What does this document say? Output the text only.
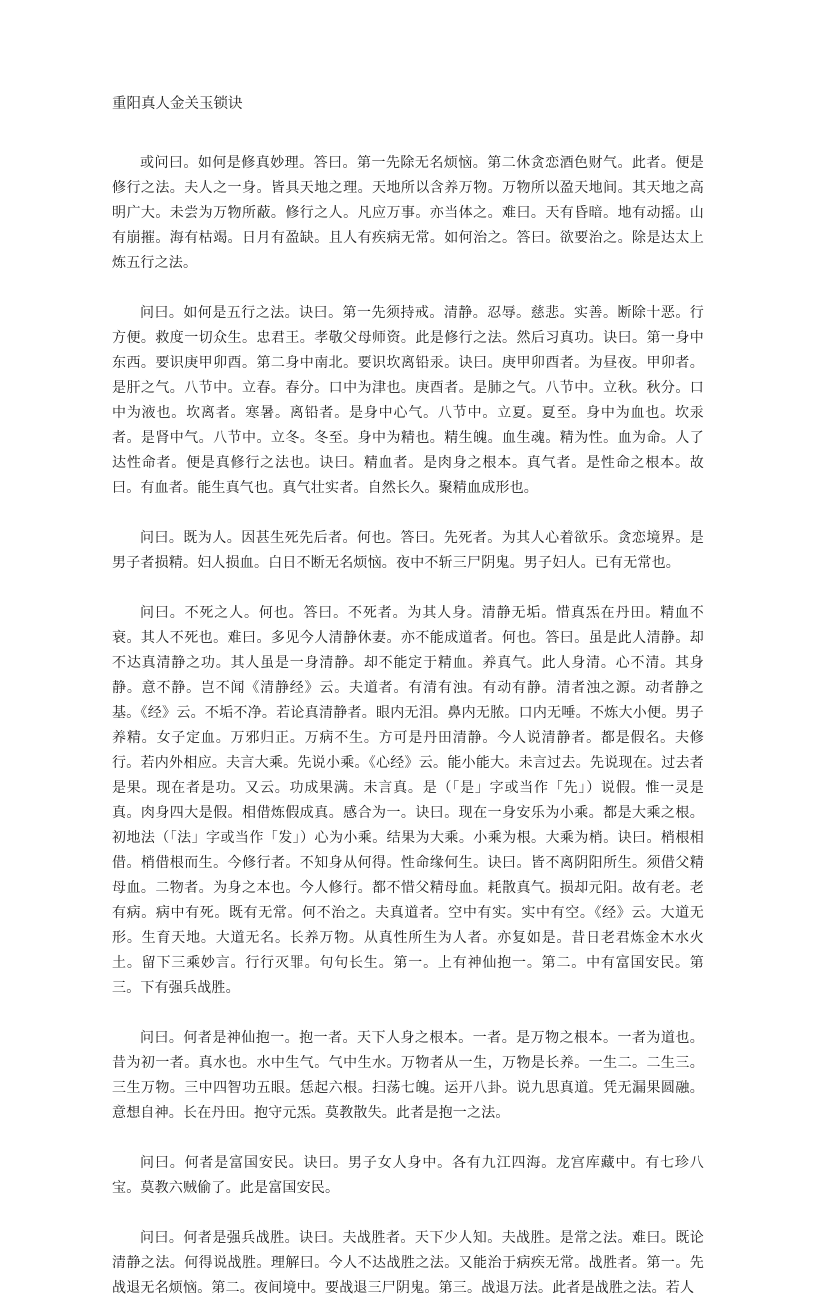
重阳真人金关玉锁诀

或问曰。如何是修真妙理。答曰。第一先除无名烦恼。第二休贪恋酒色财气。此者。便是修行之法。夫人之一身。皆具天地之理。天地所以含养万物。万物所以盈天地间。其天地之高明广大。未尝为万物所蔽。修行之人。凡应万事。亦当体之。难曰。天有昏暗。地有动摇。山有崩摧。海有枯竭。日月有盈缺。且人有疾病无常。如何治之。答曰。欲要治之。除是达太上炼五行之法。

问曰。如何是五行之法。诀曰。第一先须持戒。清静。忍辱。慈悲。实善。断除十恶。行方便。救度一切众生。忠君王。孝敬父母师资。此是修行之法。然后习真功。诀曰。第一身中东西。要识庚甲卯酉。第二身中南北。要识坎离铅汞。诀曰。庚甲卯酉者。为昼夜。甲卯者。是肝之气。八节中。立春。春分。口中为津也。庚酉者。是肺之气。八节中。立秋。秋分。口中为液也。坎离者。寒暑。离铅者。是身中心气。八节中。立夏。夏至。身中为血也。坎汞者。是肾中气。八节中。立冬。冬至。身中为精也。精生魄。血生魂。精为性。血为命。人了达性命者。便是真修行之法也。诀曰。精血者。是肉身之根本。真气者。是性命之根本。故曰。有血者。能生真气也。真气壮实者。自然长久。聚精血成形也。

问曰。既为人。因甚生死先后者。何也。答曰。先死者。为其人心着欲乐。贪恋境界。是男子者损精。妇人损血。白日不断无名烦恼。夜中不斩三尸阴鬼。男子妇人。已有无常也。

问曰。不死之人。何也。答曰。不死者。为其人身。清静无垢。惜真炁在丹田。精血不衰。其人不死也。难曰。多见今人清静休妻。亦不能成道者。何也。答曰。虽是此人清静。却不达真清静之功。其人虽是一身清静。却不能定于精血。养真气。此人身清。心不清。其身静。意不静。岂不闻《清静经》云。夫道者。有清有浊。有动有静。清者浊之源。动者静之基。《经》云。不垢不净。若论真清静者。眼内无泪。鼻内无脓。口内无唾。不炼大小便。男子养精。女子定血。万邪归正。万病不生。方可是丹田清静。今人说清静者。都是假名。夫修行。若内外相应。夫言大乘。先说小乘。《心经》云。能小能大。未言过去。先说现在。过去者是果。现在者是功。又云。功成果满。未言真。是（「是」字或当作「先」）说假。惟一灵是真。肉身四大是假。相借炼假成真。感合为一。诀曰。现在一身安乐为小乘。都是大乘之根。初地法（「法」字或当作「发」）心为小乘。结果为大乘。小乘为根。大乘为梢。诀曰。梢根相借。梢借根而生。今修行者。不知身从何得。性命缘何生。诀曰。皆不离阴阳所生。须借父精母血。二物者。为身之本也。今人修行。都不惜父精母血。耗散真气。损却元阳。故有老。老有病。病中有死。既有无常。何不治之。夫真道者。空中有实。实中有空。《经》云。大道无形。生育天地。大道无名。长养万物。从真性所生为人者。亦复如是。昔日老君炼金木水火土。留下三乘妙言。行行灭罪。句句长生。第一。上有神仙抱一。第二。中有富国安民。第三。下有强兵战胜。

问曰。何者是神仙抱一。抱一者。天下人身之根本。一者。是万物之根本。一者为道也。昔为初一者。真水也。水中生气。气中生水。万物者从一生，万物是长养。一生二。二生三。三生万物。三中四智功五眼。恁起六根。扫荡七魄。运开八卦。说九思真道。凭无漏果圆融。意想自神。长在丹田。抱守元炁。莫教散失。此者是抱一之法。

问曰。何者是富国安民。诀曰。男子女人身中。各有九江四海。龙宫库藏中。有七珍八宝。莫教六贼偷了。此是富国安民。

问曰。何者是强兵战胜。诀曰。夫战胜者。天下少人知。夫战胜。是常之法。难曰。既论清静之法。何得说战胜。理解曰。今人不达战胜之法。又能治于病疾无常。战胜者。第一。先战退无名烦恼。第二。夜间境中。要战退三尸阴鬼。第三。战退万法。此者是战胜之法。若人
